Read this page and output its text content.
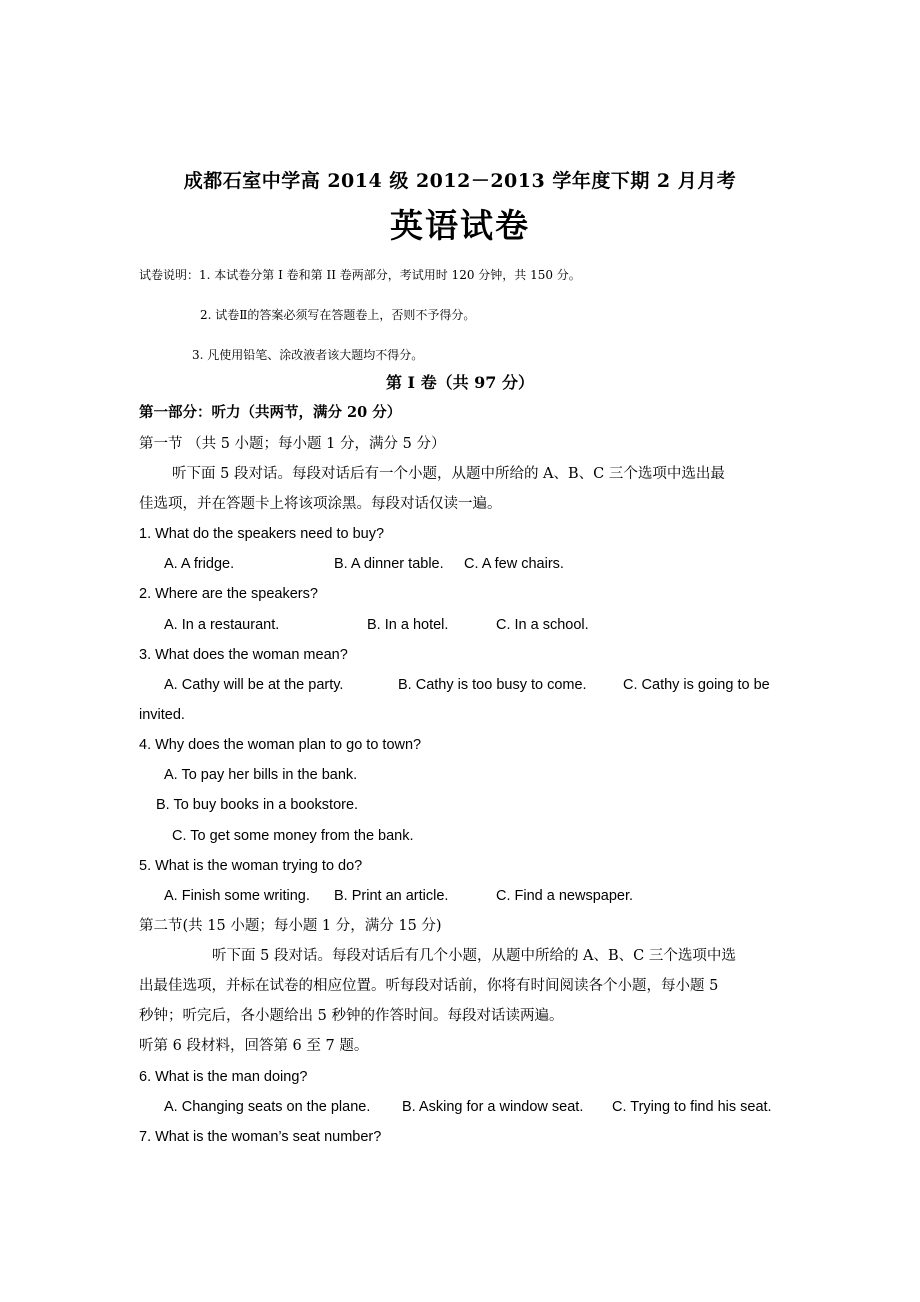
成都石室中学高 2014 级 2012－2013 学年度下期 2 月月考
英语试卷
试卷说明：1. 本试卷分第 I 卷和第 II 卷两部分，考试用时 120 分钟，共 150 分。
2. 试卷Ⅱ的答案必须写在答题卷上，否则不予得分。
3. 凡使用铅笔、涂改液者该大题均不得分。
第 I 卷（共 97 分）
第一部分：听力（共两节，满分 20 分）
第一节 （共 5 小题；每小题 1 分，满分 5 分）
听下面 5 段对话。每段对话后有一个小题，从题中所给的 A、B、C 三个选项中选出最
佳选项，并在答题卡上将该项涂黑。每段对话仅读一遍。
1. What do the speakers need to buy?
A. A fridge.	B. A dinner table. C. A few chairs.
2. Where are the speakers?
A. In a restaurant.	B. In a hotel.	C. In a school.
3. What does the woman mean?
A. Cathy will be at the party.	B. Cathy is too busy to come.	C. Cathy is going to be
invited.
4. Why does the woman plan to go to town?
A. To pay her bills in the bank.
B. To buy books in a bookstore.
C. To get some money from the bank.
5. What is the woman trying to do?
A. Finish some writing. B. Print an article.	C. Find a newspaper.
第二节(共 15 小题；每小题 1 分，满分 15 分)
听下面 5 段对话。每段对话后有几个小题，从题中所给的 A、B、C 三个选项中选
出最佳选项，并标在试卷的相应位置。听每段对话前，你将有时间阅读各个小题，每小题 5
秒钟；听完后，各小题给出 5 秒钟的作答时间。每段对话读两遍。
听第 6 段材料，回答第 6 至 7 题。
6. What is the man doing?
A. Changing seats on the plane. B. Asking for a window seat. C. Trying to find his seat.
7. What is the woman’s seat number?
